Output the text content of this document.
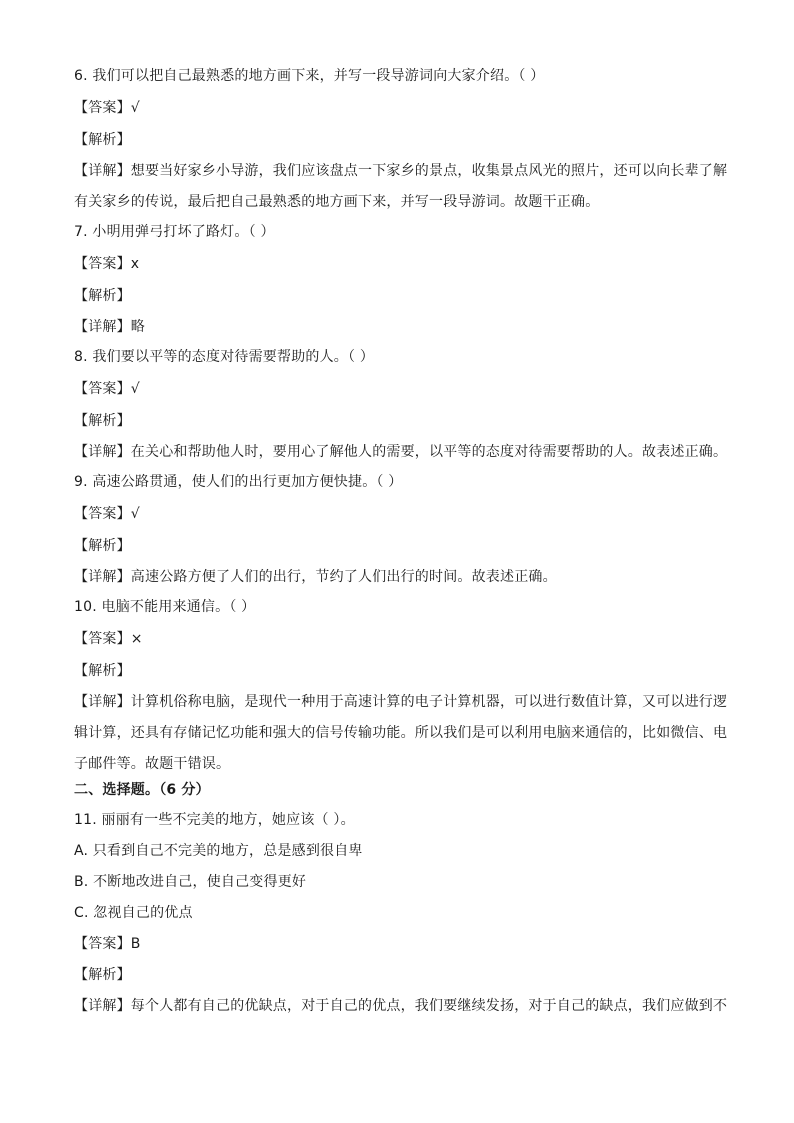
6. 我们可以把自己最熟悉的地方画下来，并写一段导游词向大家介绍。（ ）
【答案】√
【解析】
【详解】想要当好家乡小导游，我们应该盘点一下家乡的景点，收集景点风光的照片，还可以向长辈了解
有关家乡的传说，最后把自己最熟悉的地方画下来，并写一段导游词。故题干正确。
7. 小明用弹弓打坏了路灯。（ ）
【答案】x
【解析】
【详解】略
8. 我们要以平等的态度对待需要帮助的人。（ ）
【答案】√
【解析】
【详解】在关心和帮助他人时，要用心了解他人的需要，以平等的态度对待需要帮助的人。故表述正确。
9. 高速公路贯通，使人们的出行更加方便快捷。（ ）
【答案】√
【解析】
【详解】高速公路方便了人们的出行，节约了人们出行的时间。故表述正确。
10. 电脑不能用来通信。（ ）
【答案】×
【解析】
【详解】计算机俗称电脑，是现代一种用于高速计算的电子计算机器，可以进行数值计算，又可以进行逻
辑计算，还具有存储记忆功能和强大的信号传输功能。所以我们是可以利用电脑来通信的，比如微信、电
子邮件等。故题干错误。
二、选择题。（6 分）
11. 丽丽有一些不完美的地方，她应该（ ）。
A. 只看到自己不完美的地方，总是感到很自卑
B. 不断地改进自己，使自己变得更好
C. 忽视自己的优点
【答案】B
【解析】
【详解】每个人都有自己的优缺点，对于自己的优点，我们要继续发扬，对于自己的缺点，我们应做到不
